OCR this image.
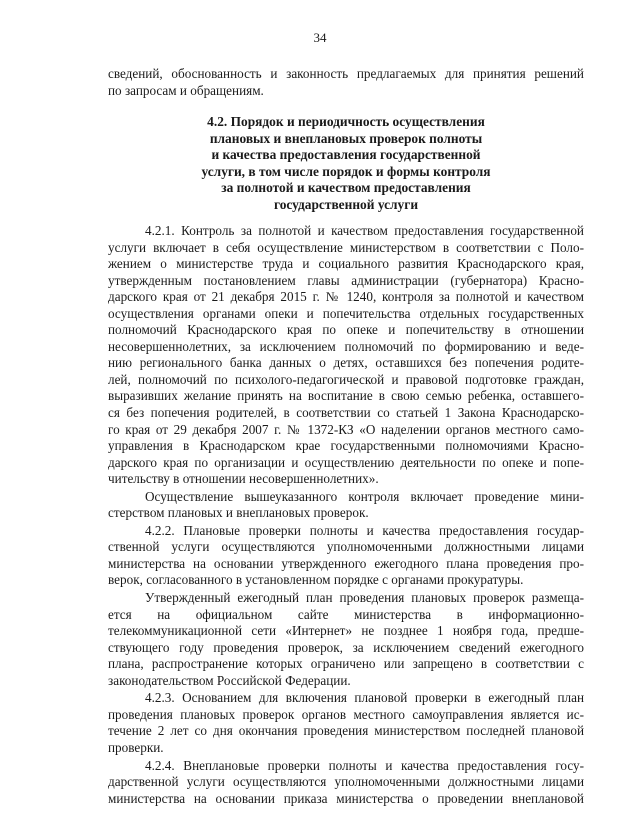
34
сведений, обоснованность и законность предлагаемых для принятия решений
по запросам и обращениям.
4.2. Порядок и периодичность осуществления
плановых и внеплановых проверок полноты
и качества предоставления государственной
услуги, в том числе порядок и формы контроля
за полнотой и качеством предоставления
государственной услуги
4.2.1. Контроль за полнотой и качеством предоставления государственной
услуги включает в себя осуществление министерством в соответствии с Поло-
жением о министерстве труда и социального развития Краснодарского края,
утвержденным постановлением главы администрации (губернатора) Красно-
дарского края от 21 декабря 2015 г. № 1240, контроля за полнотой и качеством
осуществления органами опеки и попечительства отдельных государственных
полномочий Краснодарского края по опеке и попечительству в отношении
несовершеннолетних, за исключением полномочий по формированию и веде-
нию регионального банка данных о детях, оставшихся без попечения родите-
лей, полномочий по психолого-педагогической и правовой подготовке граждан,
выразивших желание принять на воспитание в свою семью ребенка, оставшего-
ся без попечения родителей, в соответствии со статьей 1 Закона Краснодарско-
го края от 29 декабря 2007 г. № 1372-КЗ «О наделении органов местного само-
управления в Краснодарском крае государственными полномочиями Красно-
дарского края по организации и осуществлению деятельности по опеке и попе-
чительству в отношении несовершеннолетних».
Осуществление вышеуказанного контроля включает проведение мини-
стерством плановых и внеплановых проверок.
4.2.2. Плановые проверки полноты и качества предоставления государ-
ственной услуги осуществляются уполномоченными должностными лицами
министерства на основании утвержденного ежегодного плана проведения про-
верок, согласованного в установленном порядке с органами прокуратуры.
Утвержденный ежегодный план проведения плановых проверок размеща-
ется на официальном сайте министерства в информационно-
телекоммуникационной сети «Интернет» не позднее 1 ноября года, предше-
ствующего году проведения проверок, за исключением сведений ежегодного
плана, распространение которых ограничено или запрещено в соответствии с
законодательством Российской Федерации.
4.2.3. Основанием для включения плановой проверки в ежегодный план
проведения плановых проверок органов местного самоуправления является ис-
течение 2 лет со дня окончания проведения министерством последней плановой
проверки.
4.2.4. Внеплановые проверки полноты и качества предоставления госу-
дарственной услуги осуществляются уполномоченными должностными лицами
министерства на основании приказа министерства о проведении внеплановой
